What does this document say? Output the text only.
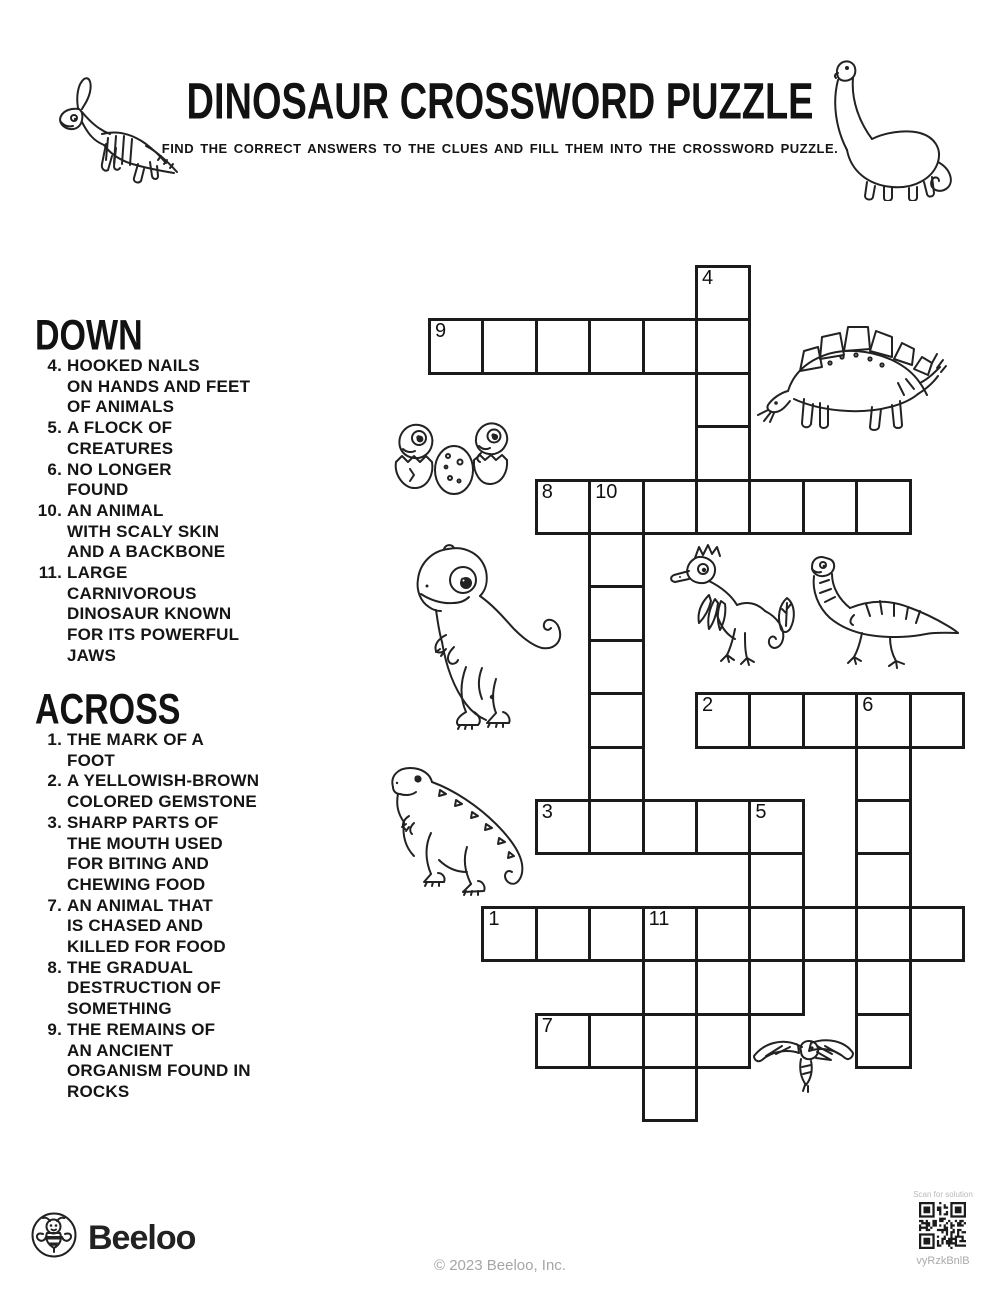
DINOSAUR CROSSWORD PUZZLE
FIND THE CORRECT ANSWERS TO THE CLUES AND FILL THEM INTO THE CROSSWORD PUZZLE.
DOWN
4. HOOKED NAILS
ON HANDS AND FEET
OF ANIMALS
5. A FLOCK OF
CREATURES
6. NO LONGER
FOUND
10. AN ANIMAL
WITH SCALY SKIN
AND A BACKBONE
11. LARGE
CARNIVOROUS
DINOSAUR KNOWN
FOR ITS POWERFUL
JAWS
ACROSS
1. THE MARK OF A
FOOT
2. A YELLOWISH-BROWN
COLORED GEMSTONE
3. SHARP PARTS OF
THE MOUTH USED
FOR BITING AND
CHEWING FOOD
7. AN ANIMAL THAT
IS CHASED AND
KILLED FOR FOOD
8. THE GRADUAL
DESTRUCTION OF
SOMETHING
9. THE REMAINS OF
AN ANCIENT
ORGANISM FOUND IN
ROCKS
4
9
8 10
2	6
3	5
1	11
7
Beeloo
© 2023 Beeloo, Inc.
Scan for solution
vyRzkBnlB
